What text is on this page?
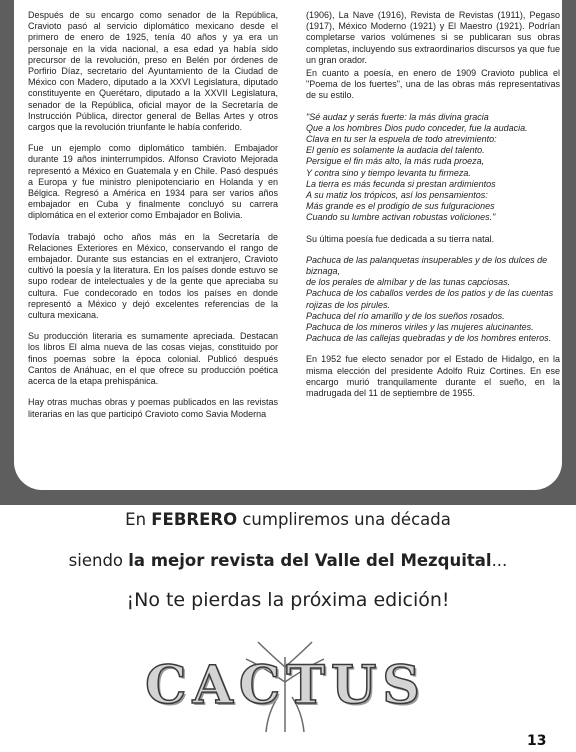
Después de su encargo como senador de la República, Cravioto pasó al servicio diplomático mexicano desde el primero de enero de 1925, tenía 40 años y ya era un personaje en la vida nacional, a esa edad ya había sido precursor de la revolución, preso en Belén por órdenes de Porfirio Díaz, secretario del Ayuntamiento de la Ciudad de México con Madero, diputado a la XXVI Legislatura, diputado constituyente en Querétaro, diputado a la XXVII Legislatura, senador de la República, oficial mayor de la Secretaría de Instrucción Pública, director general de Bellas Artes y otros cargos que la revolución triunfante le había conferido.

Fue un ejemplo como diplomático también. Embajador durante 19 años ininterrumpidos. Alfonso Cravioto Mejorada representó a México en Guatemala y en Chile. Pasó después a Europa y fue ministro plenipotenciario en Holanda y en Bélgica. Regresó a América en 1934 para ser varios años embajador en Cuba y finalmente concluyó su carrera diplomática en el exterior como Embajador en Bolivia.

Todavía trabajó ocho años más en la Secretaría de Relaciones Exteriores en México, conservando el rango de embajador. Durante sus estancias en el extranjero, Cravioto cultivó la poesía y la literatura. En los países donde estuvo se supo rodear de intelectuales y de la gente que apreciaba su cultura. Fue condecorado en todos los países en donde representó a México y dejó excelentes referencias de la cultura mexicana.

Su producción literaria es sumamente apreciada. Destacan los libros El alma nueva de las cosas viejas, constituido por finos poemas sobre la época colonial. Publicó después Cantos de Anáhuac, en el que ofrece su producción poética acerca de la etapa prehispánica.

Hay otras muchas obras y poemas publicados en las revistas literarias en las que participó Cravioto como Savia Moderna

(1906), La Nave (1916), Revista de Revistas (1911), Pegaso (1917), México Moderno (1921) y El Maestro (1921). Podrían completarse varios volúmenes si se publicaran sus obras completas, incluyendo sus extraordinarios discursos ya que fue un gran orador.

En cuanto a poesía, en enero de 1909 Cravioto publica el "Poema de los fuertes", una de las obras más representativas de su estilo.

"Sé audaz y serás fuerte: la más divina gracia
Que a los hombres Dios pudo conceder, fue la audacia.
Clava en tu ser la espuela de todo atrevimiento:
El genio es solamente la audacia del talento.
Persigue el fin más alto, la más ruda proeza,
Y contra sino y tiempo levanta tu firmeza.
La tierra es más fecunda si prestan ardimientos
A su matiz los trópicos, así los pensamientos:
Más grande es el prodigio de sus fulguraciones
Cuando su lumbre activan robustas voliciones."

Su última poesía fue dedicada a su tierra natal.

Pachuca de las palanquetas insuperables y de los dulces de biznaga,
de los perales de almíbar y de las tunas capciosas.
Pachuca de los caballos verdes de los patios y de las cuentas rojizas de los pirules.
Pachuca del río amarillo y de los sueños rosados.
Pachuca de los mineros viriles y las mujeres alucinantes.
Pachuca de las callejas quebradas y de los hombres enteros.

En 1952 fue electo senador por el Estado de Hidalgo, en la misma elección del presidente Adolfo Ruiz Cortines. En ese encargo murió tranquilamente durante el sueño, en la madrugada del 11 de septiembre de 1955.

En FEBRERO cumpliremos una década
siendo la mejor revista del Valle del Mezquital...
¡No te pierdas la próxima edición!
CACTUS
13
